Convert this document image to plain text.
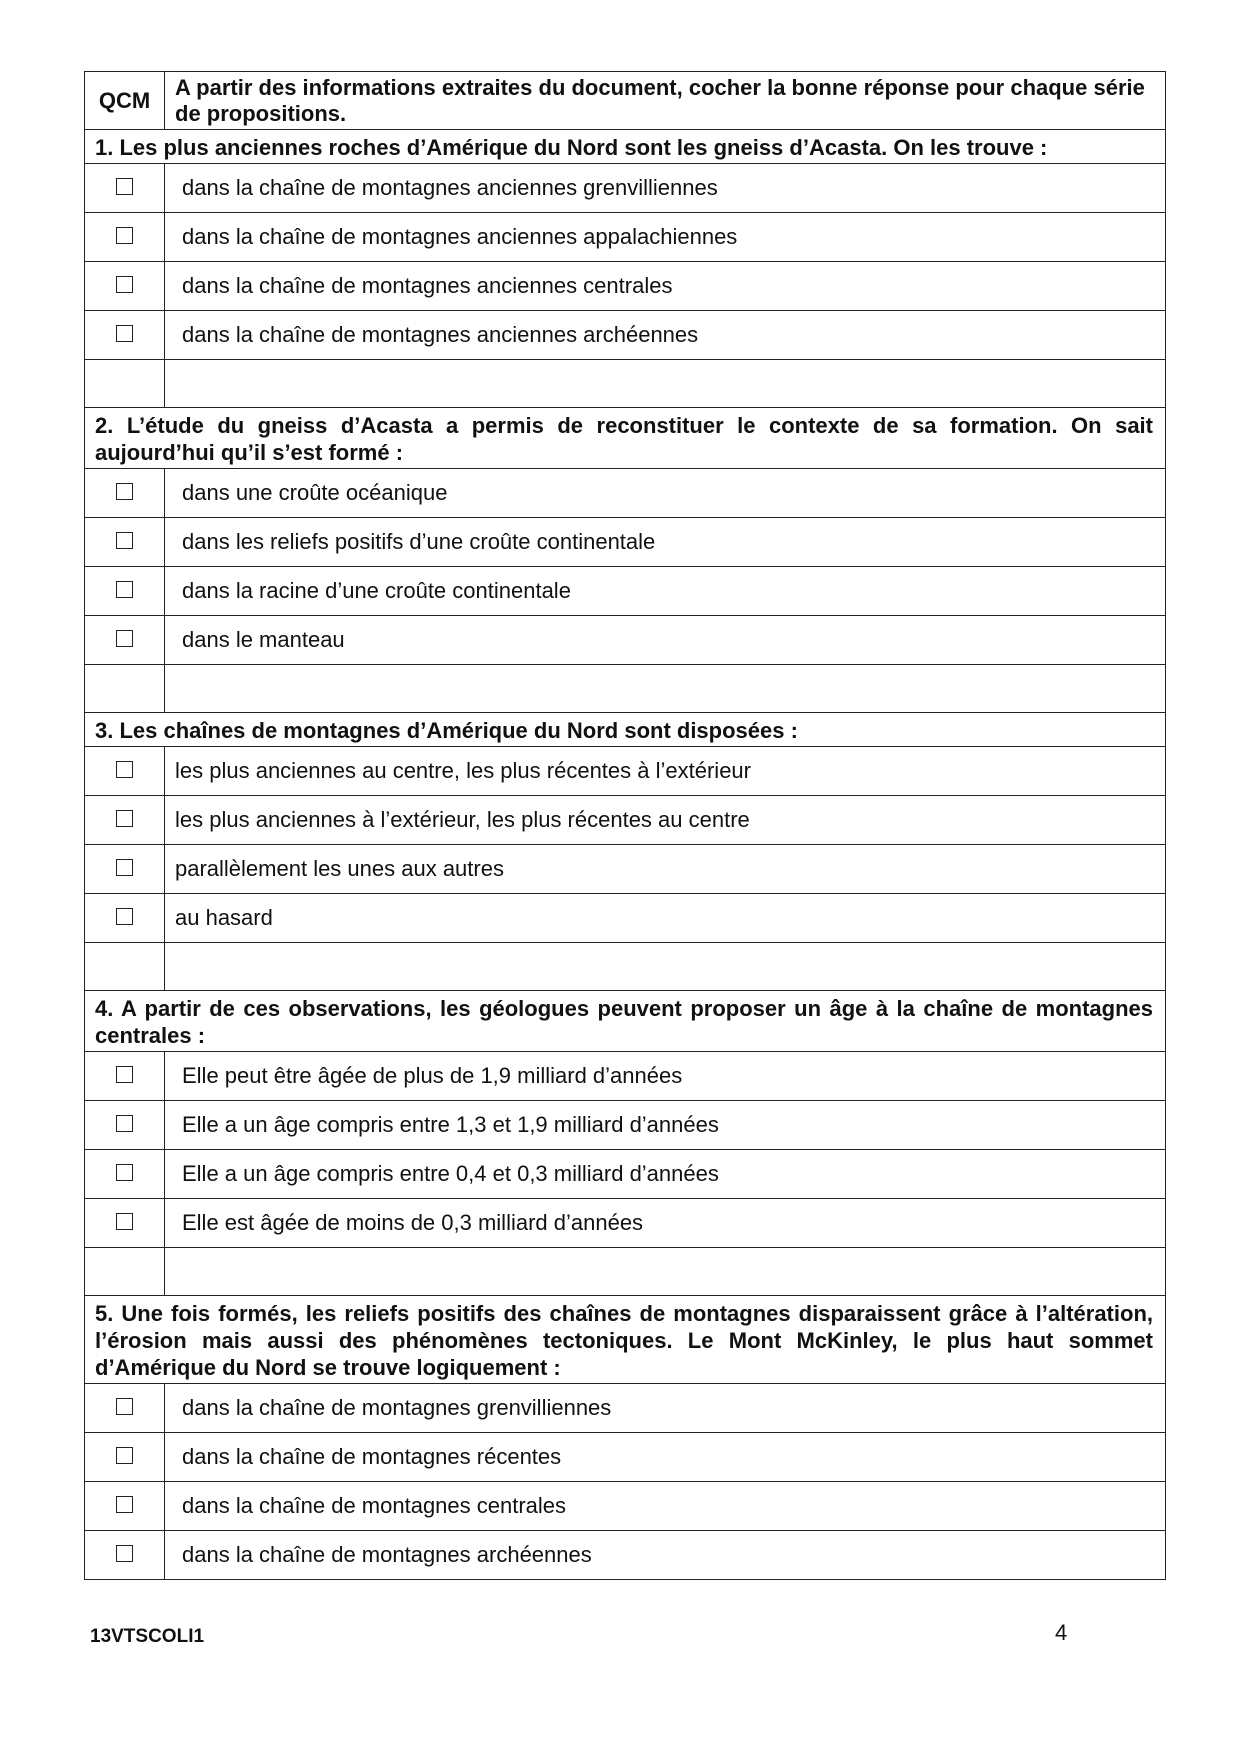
QCM	A partir des informations extraites du document, cocher la bonne réponse pour chaque série de propositions.
1. Les plus anciennes roches d’Amérique du Nord sont les gneiss d’Acasta. On les trouve :	
	dans la chaîne de montagnes anciennes grenvilliennes
	dans la chaîne de montagnes anciennes appalachiennes
	dans la chaîne de montagnes anciennes centrales
	dans la chaîne de montagnes anciennes archéennes

2. L’étude du gneiss d’Acasta a permis de reconstituer le contexte de sa formation. On sait aujourd’hui qu’il s’est formé :	
	dans une croûte océanique
	dans les reliefs positifs d’une croûte continentale
	dans la racine d’une croûte continentale
	dans le manteau

3. Les chaînes de montagnes d’Amérique du Nord sont disposées :	
	les plus anciennes au centre, les plus récentes à l’extérieur
	les plus anciennes à l’extérieur, les plus récentes au centre
	parallèlement les unes aux autres
	au hasard

4. A partir de ces observations, les géologues peuvent proposer un âge à la chaîne de montagnes centrales :	
	Elle peut être âgée de plus de 1,9 milliard d’années
	Elle a un âge compris entre 1,3 et 1,9 milliard d’années
	Elle a un âge compris entre 0,4 et 0,3 milliard d’années
	Elle est âgée de moins de 0,3 milliard d’années

5. Une fois formés, les reliefs positifs des chaînes de montagnes disparaissent grâce à l’altération, l’érosion mais aussi des phénomènes tectoniques. Le Mont McKinley, le plus haut sommet d’Amérique du Nord se trouve logiquement :	
	dans la chaîne de montagnes grenvilliennes
	dans la chaîne de montagnes récentes
	dans la chaîne de montagnes centrales
	dans la chaîne de montagnes archéennes
13VTSCOLI1	4
